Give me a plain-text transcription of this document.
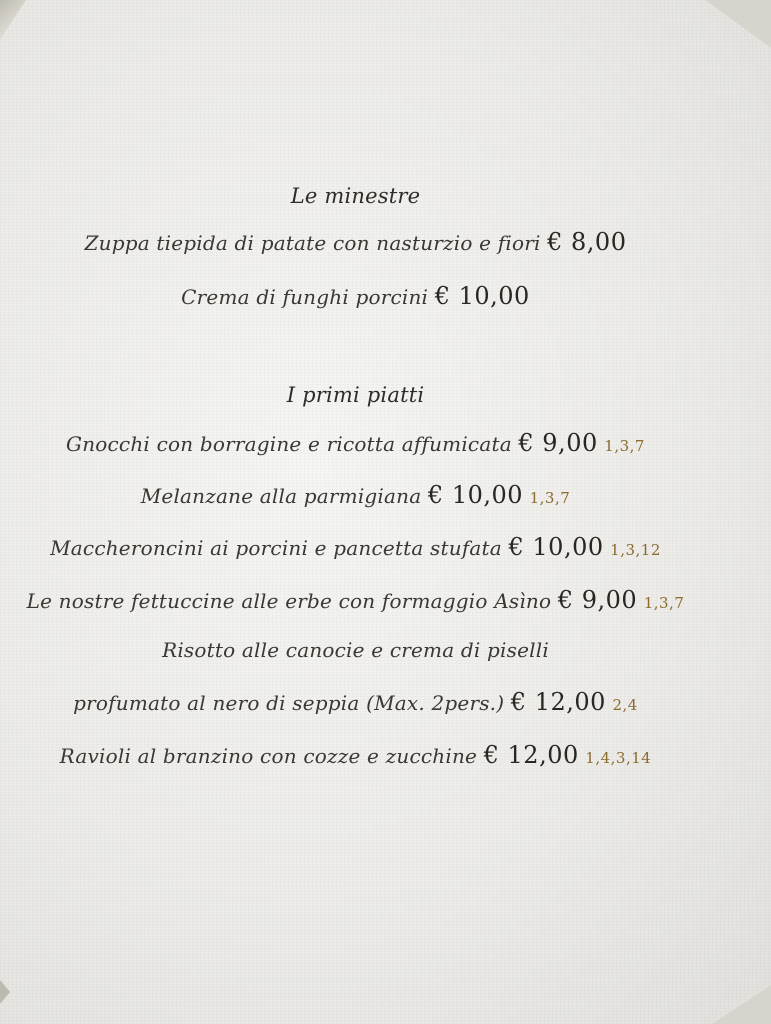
Le minestre
Zuppa tiepida di patate con nasturzio e fiori € 8,00
Crema di funghi porcini € 10,00
I primi piatti
Gnocchi con borragine e ricotta affumicata € 9,00 1,3,7
Melanzane alla parmigiana € 10,00 1,3,7
Maccheroncini ai porcini e pancetta stufata € 10,00 1,3,12
Le nostre fettuccine alle erbe con formaggio Asìno € 9,00 1,3,7
Risotto alle canocie e crema di piselli
profumato al nero di seppia (Max. 2pers.) € 12,00 2,4
Ravioli al branzino con cozze e zucchine € 12,00 1,4,3,14
